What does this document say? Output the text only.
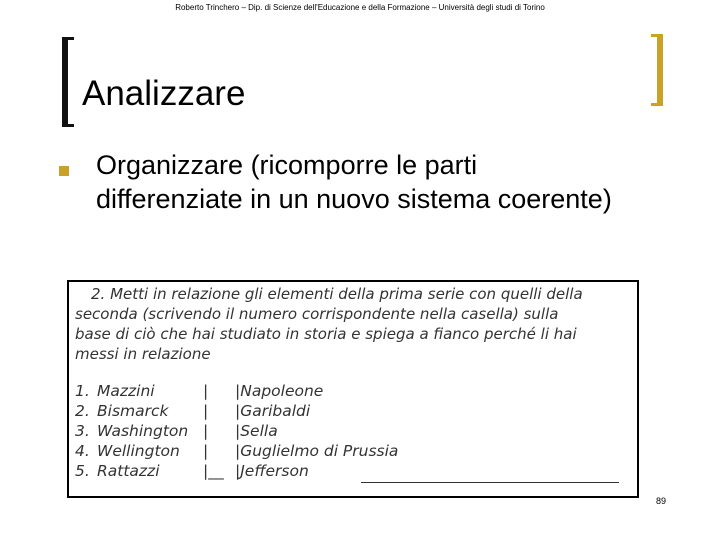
Roberto Trinchero – Dip. di Scienze dell'Educazione e della Formazione – Università degli studi di Torino
Analizzare
Organizzare (ricomporre le parti differenziate in un nuovo sistema coerente)
2. Metti in relazione gli elementi della prima serie con quelli della
seconda (scrivendo il numero corrispondente nella casella) sulla
base di ciò che hai studiato in storia e spiega a fianco perché li hai
messi in relazione
1. Mazzini	| |Napoleone
2. Bismarck | |Garibaldi
3. Washington | |Sella
4. Wellington | |Guglielmo di Prussia
5. Rattazzi	|__ |Jefferson
89
